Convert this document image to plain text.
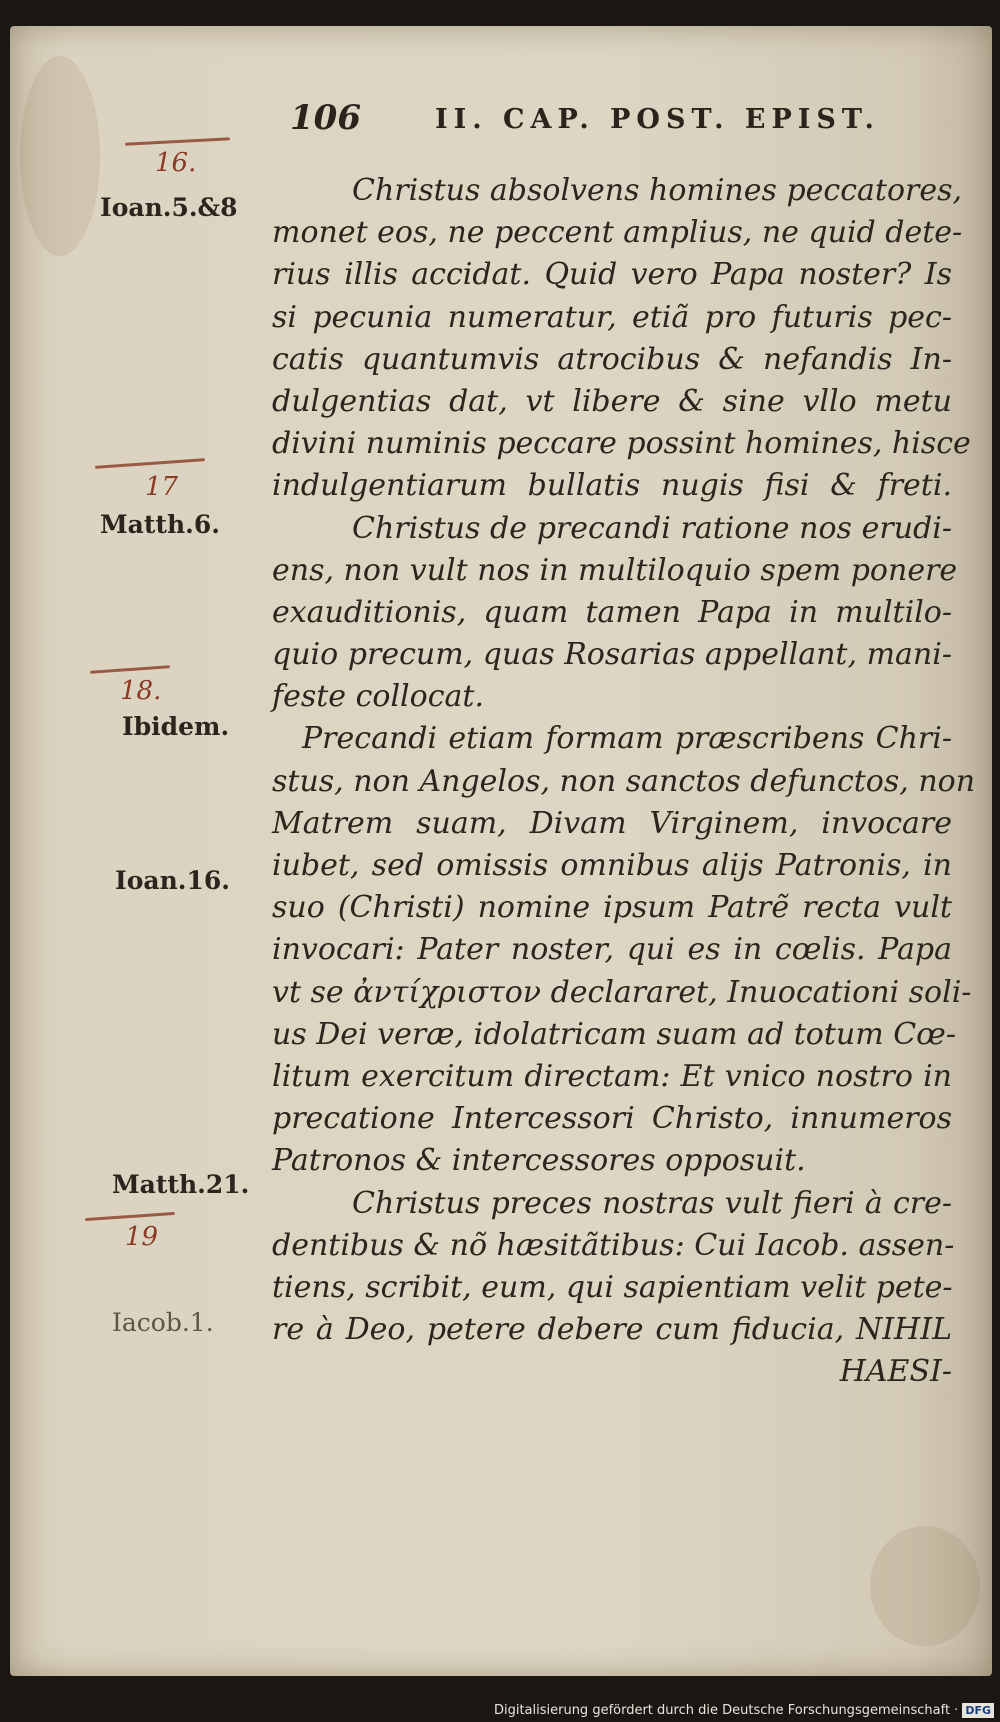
106	II. CAP. POST. EPIST.
16.
Ioan.5.&8
17
Matth.6.
18.
Ibidem.
Ioan.16.
Matth.21.
19
Iacob.1.
Christus absolvens homines peccatores,
monet eos, ne peccent amplius, ne quid dete-
rius illis accidat. Quid vero Papa noster? Is
si pecunia numeratur, etiã pro futuris pec-
catis quantumvis atrocibus & nefandis In-
dulgentias dat, vt libere & sine vllo metu
divini numinis peccare possint homines, hisce
indulgentiarum bullatis nugis fisi & freti.
Christus de precandi ratione nos erudi-
ens, non vult nos in multiloquio spem ponere
exauditionis, quam tamen Papa in multilo-
quio precum, quas Rosarias appellant, mani-
feste collocat.
Precandi etiam formam præscribens Chri-
stus, non Angelos, non sanctos defunctos, non
Matrem suam, Divam Virginem, invocare
iubet, sed omissis omnibus alijs Patronis, in
suo (Christi) nomine ipsum Patrẽ recta vult
invocari: Pater noster, qui es in cœlis. Papa
vt se ἀντίχριστον declararet, Inuocationi soli-
us Dei veræ, idolatricam suam ad totum Cœ-
litum exercitum directam: Et vnico nostro in
precatione Intercessori Christo, innumeros
Patronos & intercessores opposuit.
Christus preces nostras vult fieri à cre-
dentibus & nõ hæsitãtibus: Cui Iacob. assen-
tiens, scribit, eum, qui sapientiam velit pete-
re à Deo, petere debere cum fiducia, NIHIL
HAESI-
Digitalisierung gefördert durch die Deutsche Forschungsgemeinschaft · DFG
